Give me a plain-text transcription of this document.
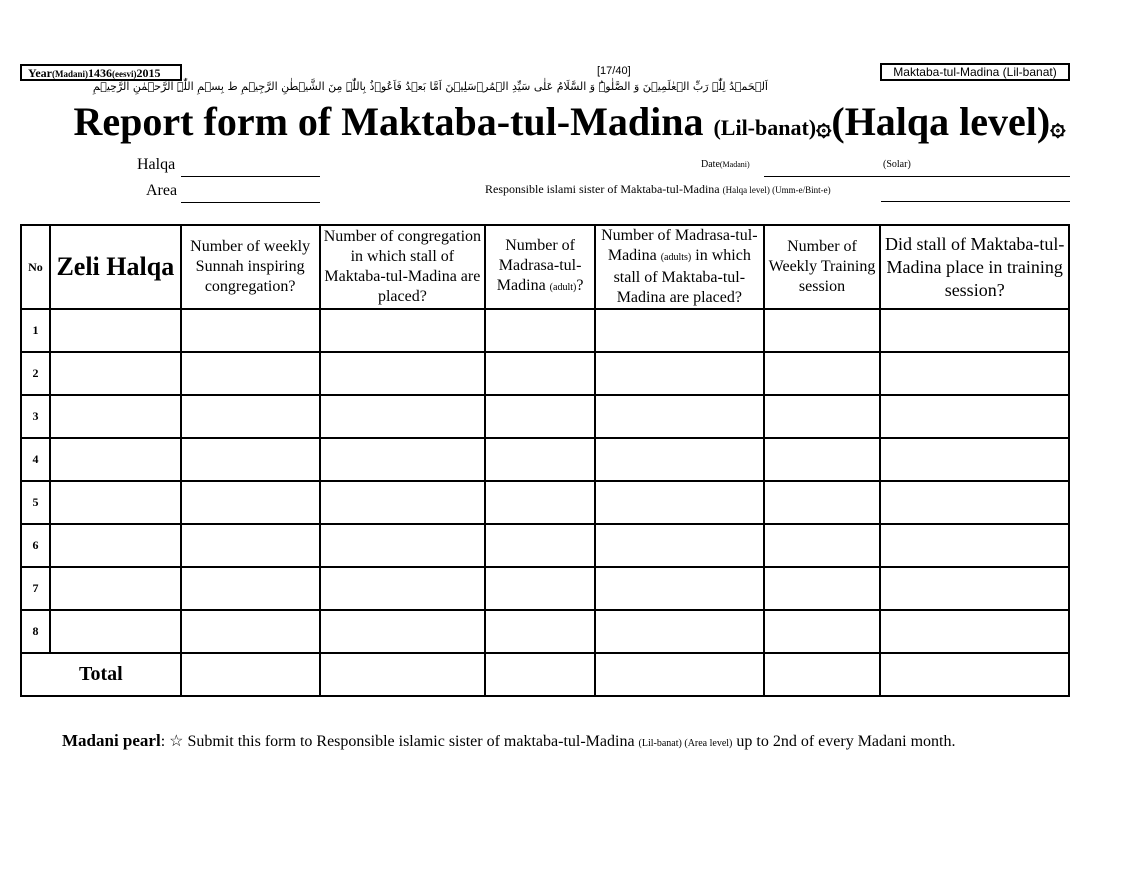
Year(Madani)1436(eesvi)2015	[17/40]
اَلۡحَمۡدُ لِلّٰہِ رَبِّ الۡعٰلَمِیۡنَ وَ الصَّلٰوۃُ وَ السَّلَامُ عَلٰی سَیِّدِ الۡمُرۡسَلِیۡنَ اَمَّا بَعۡدُ فَاَعُوۡذُ بِاللّٰہِ مِنَ الشَّیۡطٰنِ الرَّجِیۡمِ ط بِسۡمِ اللّٰہِ الرَّحۡمٰنِ الرَّحِیۡمِ
Maktaba-tul-Madina (Lil-banat)
Report form of Maktaba-tul-Madina (Lil-banat)۞(Halqa level)۞
Halqa
Area
Date(Madani)	(Solar)
Responsible islami sister of Maktaba-tul-Madina (Halqa level) (Umm-e/Bint-e)
No	Zeli Halqa	Number of weekly Sunnah inspiring congregation?	Number of congregation in which stall of Maktaba-tul-Madina are placed?	Number of Madrasa-tul-Madina (adult)?	Number of Madrasa-tul-Madina (adults) in which stall of Maktaba-tul-Madina are placed?	Number of Weekly Training session	Did stall of Maktaba-tul-Madina place in training session?
1							
2							
3							
4							
5							
6							
7							
8							
Total							
Madani pearl: ☆ Submit this form to Responsible islamic sister of maktaba-tul-Madina (Lil-banat) (Area level) up to 2nd of every Madani month.
